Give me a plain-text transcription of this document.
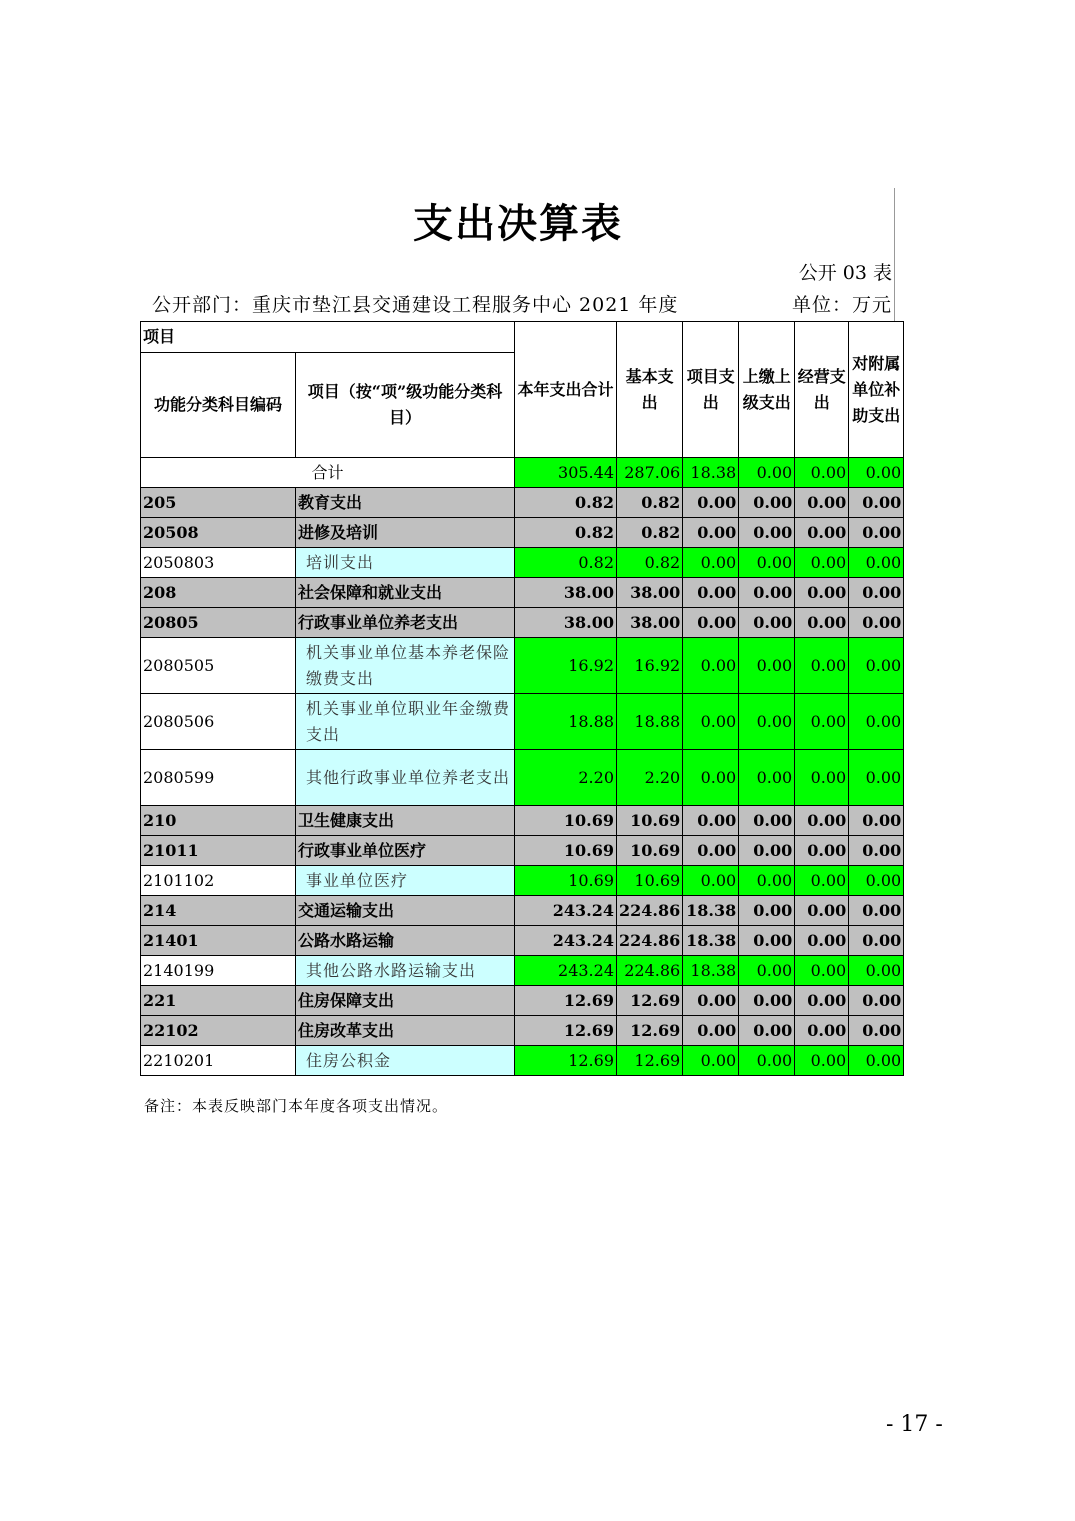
支出决算表
公开 03 表
公开部门：重庆市垫江县交通建设工程服务中心 2021 年度	单位：万元
项目		本年支出合计	基本支出	项目支出	上缴上级支出	经营支出	对附属单位补助支出
功能分类科目编码	项目（按“项”级功能分类科目）						
合计		305.44	287.06	18.38	0.00	0.00	0.00
205	教育支出	0.82	0.82	0.00	0.00	0.00	0.00
20508	进修及培训	0.82	0.82	0.00	0.00	0.00	0.00
2050803	培训支出	0.82	0.82	0.00	0.00	0.00	0.00
208	社会保障和就业支出	38.00	38.00	0.00	0.00	0.00	0.00
20805	行政事业单位养老支出	38.00	38.00	0.00	0.00	0.00	0.00
2080505	机关事业单位基本养老保险缴费支出	16.92	16.92	0.00	0.00	0.00	0.00
2080506	机关事业单位职业年金缴费支出	18.88	18.88	0.00	0.00	0.00	0.00
2080599	其他行政事业单位养老支出	2.20	2.20	0.00	0.00	0.00	0.00
210	卫生健康支出	10.69	10.69	0.00	0.00	0.00	0.00
21011	行政事业单位医疗	10.69	10.69	0.00	0.00	0.00	0.00
2101102	事业单位医疗	10.69	10.69	0.00	0.00	0.00	0.00
214	交通运输支出	243.24	224.86	18.38	0.00	0.00	0.00
21401	公路水路运输	243.24	224.86	18.38	0.00	0.00	0.00
2140199	其他公路水路运输支出	243.24	224.86	18.38	0.00	0.00	0.00
221	住房保障支出	12.69	12.69	0.00	0.00	0.00	0.00
22102	住房改革支出	12.69	12.69	0.00	0.00	0.00	0.00
2210201	住房公积金	12.69	12.69	0.00	0.00	0.00	0.00
备注：本表反映部门本年度各项支出情况。
- 17 -
